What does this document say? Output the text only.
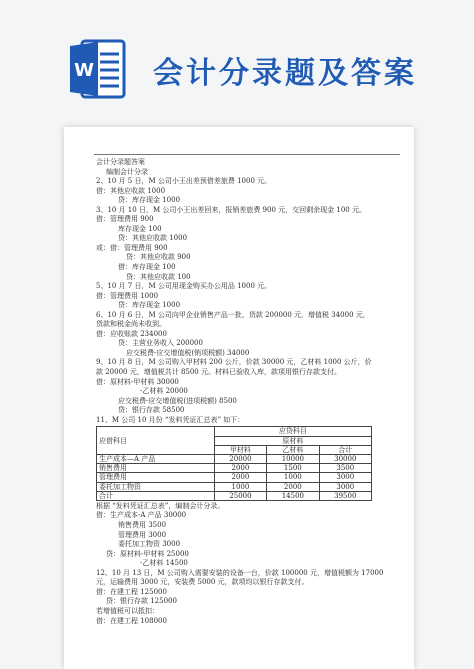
W 会计分录题及答案
会计分录题答案
编制会计分录
2、10 月 5 日，M 公司小王出差预借差旅费 1000 元。
借：其他应收款 1000
贷：库存现金 1000
3、10 月 10 日，M 公司小王出差回来，报销差旅费 900 元，交回剩余现金 100 元。
借：管理费用 900
库存现金 100
贷：其他应收款 1000
或：借：管理费用 900
贷：其他应收款 900
借：库存现金 100
贷：其他应收款 100
5、10 月 7 日，M 公司用现金购买办公用品 1000 元。
借：管理费用 1000
贷：库存现金 1000
6、10 月 6 日，M 公司向甲企业销售产品一批，货款 200000 元，增值税 34000 元，
货款和税金尚未收到。
借：应收账款 234000
贷：主营业务收入 200000
应交税费-应交增值税(销项税额) 34000
9、10 月 8 日，M 公司购入甲材料 200 公斤，价款 30000 元，乙材料 1000 公斤，价
款 20000 元，增值税共计 8500 元。材料已验收入库，款项用银行存款支付。
借：原材料-甲材料 30000
-乙材料 20000
应交税费-应交增值税(进项税额) 8500
贷：银行存款 58500
11、M 公司 10 月份 “发料凭证汇总表” 如下：
应借科目	应贷科目		
	原材料		
	甲材料	乙材料	合计
生产成本—A 产品	20000	10000	30000
销售费用	2000	1500	3500
管理费用	2000	1000	3000
委托加工物资	1000	2000	3000
合计	25000	14500	39500
根据 “发料凭证汇总表”，编制会计分录。
借：生产成本-A 产品 30000
销售费用 3500
管理费用 3000
委托加工物资 3000
贷：原材料-甲材料 25000
-乙材料 14500
12、10 月 13 日，M 公司购入需要安装的设备一台，价款 100000 元，增值税额为 17000
元，运输费用 3000 元，安装费 5000 元，款项均以银行存款支付。
借：在建工程 125000
贷：银行存款 125000
若增值税可以抵扣：
借：在建工程 108000
